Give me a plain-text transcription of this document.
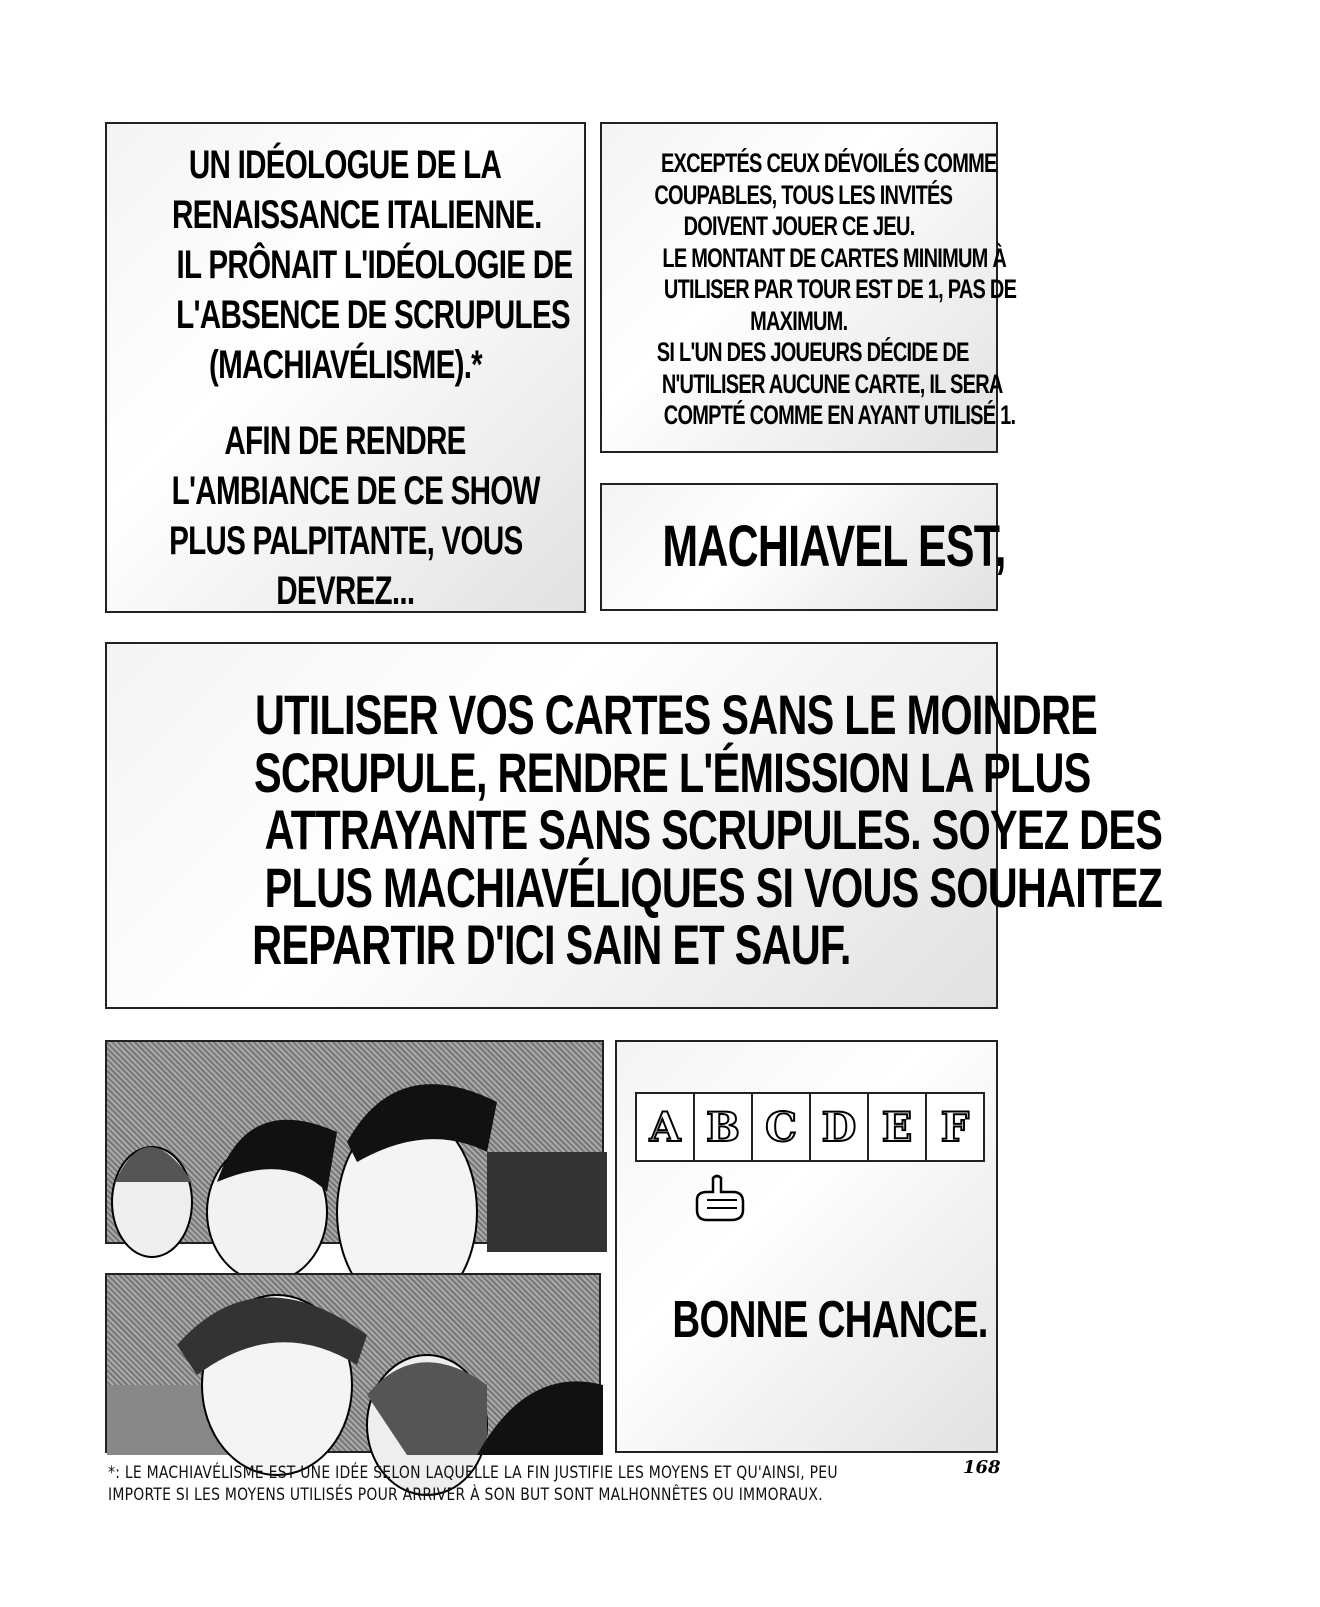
UN IDÉOLOGUE DE LA
RENAISSANCE ITALIENNE.
IL PRÔNAIT L'IDÉOLOGIE DE
L'ABSENCE DE SCRUPULES
(MACHIAVÉLISME).*
AFIN DE RENDRE
L'AMBIANCE DE CE SHOW
PLUS PALPITANTE, VOUS
DEVREZ...
EXCEPTÉS CEUX DÉVOILÉS COMME
COUPABLES, TOUS LES INVITÉS
DOIVENT JOUER CE JEU.
LE MONTANT DE CARTES MINIMUM À
UTILISER PAR TOUR EST DE 1, PAS DE
MAXIMUM.
SI L'UN DES JOUEURS DÉCIDE DE
N'UTILISER AUCUNE CARTE, IL SERA
COMPTÉ COMME EN AYANT UTILISÉ 1.
MACHIAVEL EST,
UTILISER VOS CARTES SANS LE MOINDRE
SCRUPULE, RENDRE L'ÉMISSION LA PLUS
ATTRAYANTE SANS SCRUPULES. SOYEZ DES
PLUS MACHIAVÉLIQUES SI VOUS SOUHAITEZ
REPARTIR D'ICI SAIN ET SAUF.
A B C D E F
BONNE CHANCE.
*: LE MACHIAVÉLISME EST UNE IDÉE SELON LAQUELLE LA FIN JUSTIFIE LES MOYENS ET QU'AINSI, PEU
IMPORTE SI LES MOYENS UTILISÉS POUR ARRIVER À SON BUT SONT MALHONNÊTES OU IMMORAUX.
168
